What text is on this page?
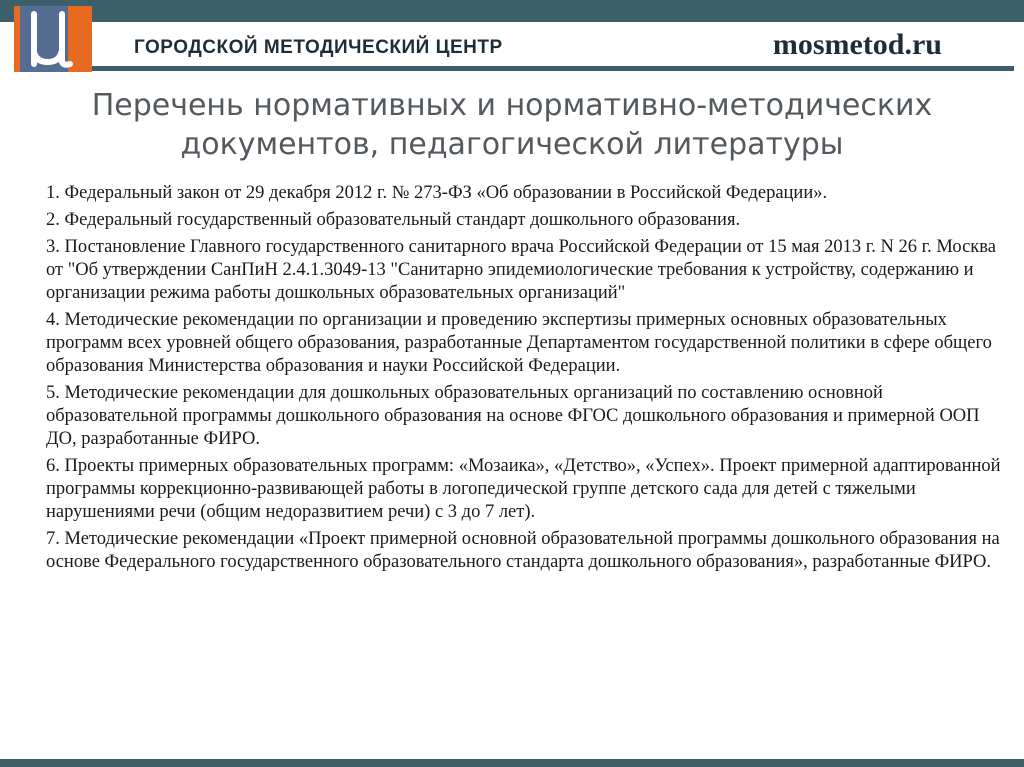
ГОРОДСКОЙ МЕТОДИЧЕСКИЙ ЦЕНТР	mosmetod.ru
Перечень нормативных и нормативно-методических
документов, педагогической литературы
1. Федеральный закон от 29 декабря 2012 г. № 273-ФЗ «Об образовании в Российской Федерации».
2. Федеральный государственный образовательный стандарт дошкольного образования.
3. Постановление Главного государственного санитарного врача Российской Федерации от 15 мая 2013 г. N 26 г. Москва от "Об утверждении СанПиН 2.4.1.3049-13 "Санитарно эпидемиологические требования к устройству, содержанию и организации режима работы дошкольных образовательных организаций"
4. Методические рекомендации по организации и проведению экспертизы примерных основных образовательных программ всех уровней общего образования, разработанные Департаментом государственной политики в сфере общего образования Министерства образования и науки Российской Федерации.
5. Методические рекомендации для дошкольных образовательных организаций по составлению основной образовательной программы дошкольного образования на основе ФГОС дошкольного образования и примерной ООП ДО, разработанные ФИРО.
6. Проекты примерных образовательных программ: «Мозаика», «Детство», «Успех». Проект примерной адаптированной программы коррекционно-развивающей работы в логопедической группе детского сада для детей с тяжелыми нарушениями речи (общим недоразвитием речи) с 3 до 7 лет).
7. Методические рекомендации «Проект примерной основной образовательной программы дошкольного образования на основе Федерального государственного образовательного стандарта дошкольного образования», разработанные ФИРО.
